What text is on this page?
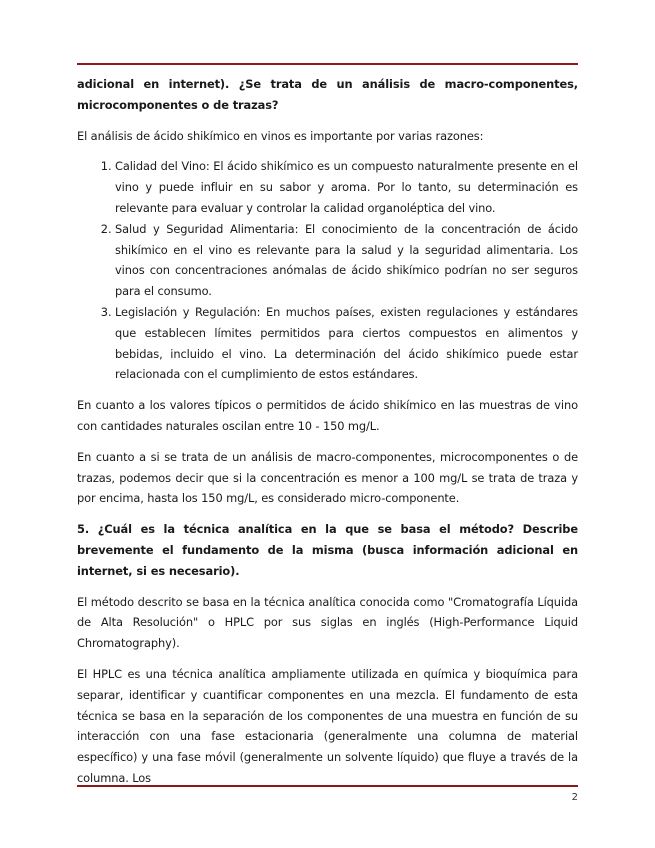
adicional en internet). ¿Se trata de un análisis de macro-componentes, microcomponentes o de trazas?

El análisis de ácido shikímico en vinos es importante por varias razones:

1. Calidad del Vino: El ácido shikímico es un compuesto naturalmente presente en el vino y puede influir en su sabor y aroma. Por lo tanto, su determinación es relevante para evaluar y controlar la calidad organoléptica del vino.
2. Salud y Seguridad Alimentaria: El conocimiento de la concentración de ácido shikímico en el vino es relevante para la salud y la seguridad alimentaria. Los vinos con concentraciones anómalas de ácido shikímico podrían no ser seguros para el consumo.
3. Legislación y Regulación: En muchos países, existen regulaciones y estándares que establecen límites permitidos para ciertos compuestos en alimentos y bebidas, incluido el vino. La determinación del ácido shikímico puede estar relacionada con el cumplimiento de estos estándares.

En cuanto a los valores típicos o permitidos de ácido shikímico en las muestras de vino con cantidades naturales oscilan entre 10 - 150 mg/L.

En cuanto a si se trata de un análisis de macro-componentes, microcomponentes o de trazas, podemos decir que si la concentración es menor a 100 mg/L se trata de traza y por encima, hasta los 150 mg/L, es considerado micro-componente.

5. ¿Cuál es la técnica analítica en la que se basa el método? Describe brevemente el fundamento de la misma (busca información adicional en internet, si es necesario).

El método descrito se basa en la técnica analítica conocida como "Cromatografía Líquida de Alta Resolución" o HPLC por sus siglas en inglés (High-Performance Liquid Chromatography).

El HPLC es una técnica analítica ampliamente utilizada en química y bioquímica para separar, identificar y cuantificar componentes en una mezcla. El fundamento de esta técnica se basa en la separación de los componentes de una muestra en función de su interacción con una fase estacionaria (generalmente una columna de material específico) y una fase móvil (generalmente un solvente líquido) que fluye a través de la columna. Los

2
